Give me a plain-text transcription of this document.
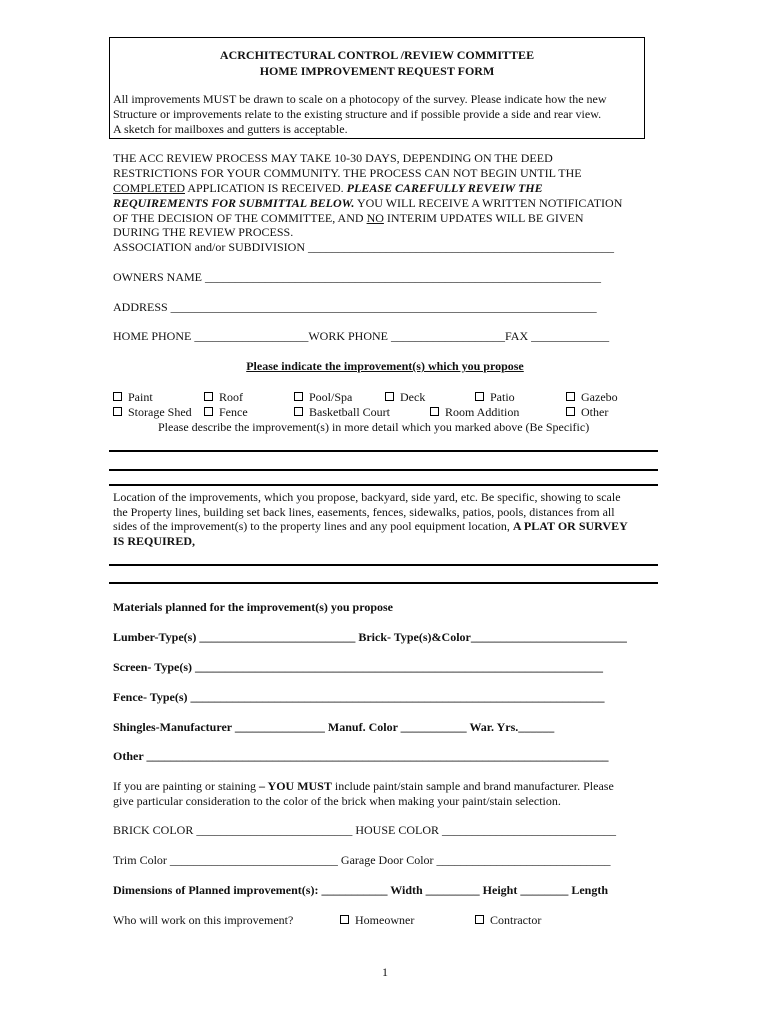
ACRCHITECTURAL CONTROL /REVIEW COMMITTEE
HOME IMPROVEMENT REQUEST FORM
All improvements MUST be drawn to scale on a photocopy of the survey. Please indicate how the new
Structure or improvements relate to the existing structure and if possible provide a side and rear view.
A sketch for mailboxes and gutters is acceptable.
THE ACC REVIEW PROCESS MAY TAKE 10-30 DAYS, DEPENDING ON THE DEED
RESTRICTIONS FOR YOUR COMMUNITY. THE PROCESS CAN NOT BEGIN UNTIL THE
COMPLETED APPLICATION IS RECEIVED. PLEASE CAREFULLY REVEIW THE
REQUIREMENTS FOR SUBMITTAL BELOW. YOU WILL RECEIVE A WRITTEN NOTIFICATION
OF THE DECISION OF THE COMMITTEE, AND NO INTERIM UPDATES WILL BE GIVEN
DURING THE REVIEW PROCESS.
ASSOCIATION and/or SUBDIVISION ___________________________________________________
OWNERS NAME __________________________________________________________________
ADDRESS _______________________________________________________________________
HOME PHONE ___________________WORK PHONE ___________________FAX _____________
Please indicate the improvement(s) which you propose
Paint	Roof	Pool/Spa	Deck	Patio	Gazebo
Storage Shed	Fence	Basketball Court	Room Addition	Other
Please describe the improvement(s) in more detail which you marked above (Be Specific)
Location of the improvements, which you propose, backyard, side yard, etc. Be specific, showing to scale
the Property lines, building set back lines, easements, fences, sidewalks, patios, pools, distances from all
sides of the improvement(s) to the property lines and any pool equipment location, A PLAT OR SURVEY
IS REQUIRED,
Materials planned for the improvement(s) you propose
Lumber-Type(s) __________________________ Brick- Type(s)&Color__________________________
Screen- Type(s) ____________________________________________________________________
Fence- Type(s) _____________________________________________________________________
Shingles-Manufacturer _______________ Manuf. Color ___________ War. Yrs.______
Other _____________________________________________________________________________
If you are painting or staining – YOU MUST include paint/stain sample and brand manufacturer. Please
give particular consideration to the color of the brick when making your paint/stain selection.
BRICK COLOR __________________________ HOUSE COLOR _____________________________
Trim Color ____________________________ Garage Door Color _____________________________
Dimensions of Planned improvement(s): ___________ Width _________ Height ________ Length
Who will work on this improvement?	Homeowner	Contractor
1
